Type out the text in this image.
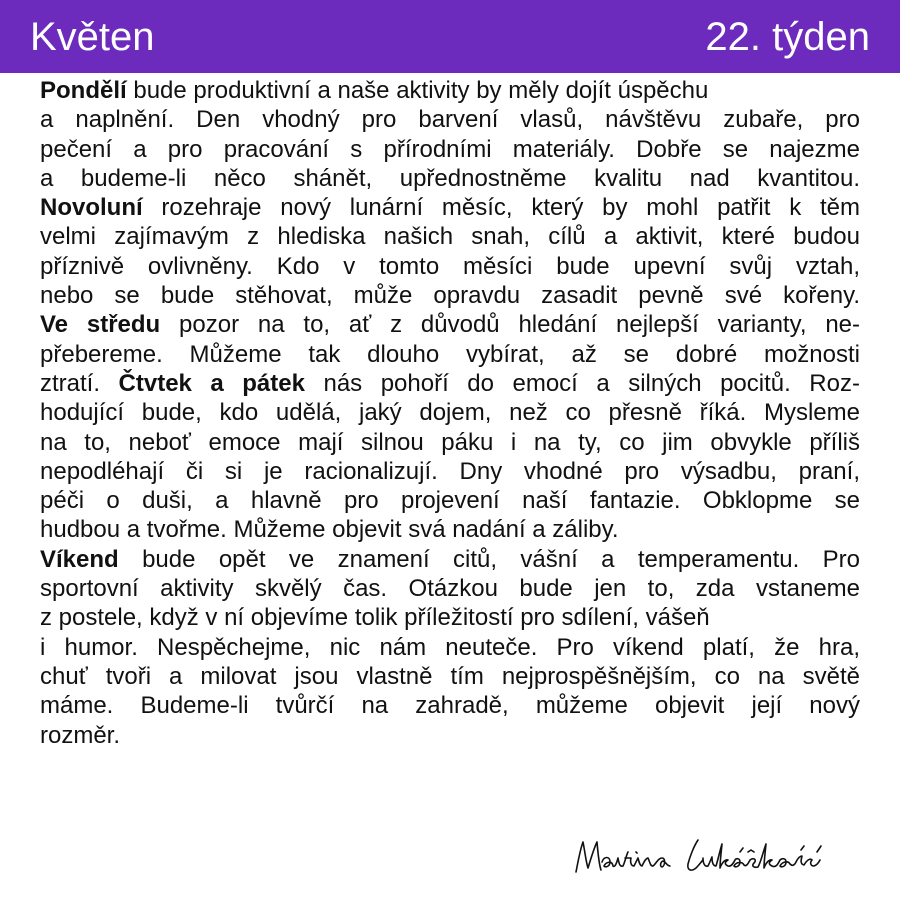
Květen	22. týden
Pondělí bude produktivní a naše aktivity by měly dojít úspěchu
a naplnění. Den vhodný pro barvení vlasů, návštěvu zubaře, pro
pečení a pro pracování s přírodními materiály. Dobře se najezme
a budeme-li něco shánět, upřednostněme kvalitu nad kvantitou.
Novoluní rozehraje nový lunární měsíc, který by mohl patřit k těm
velmi zajímavým z hlediska našich snah, cílů a aktivit, které budou
příznivě ovlivněny. Kdo v tomto měsíci bude upevní svůj vztah,
nebo se bude stěhovat, může opravdu zasadit pevně své kořeny.
Ve středu pozor na to, ať z důvodů hledání nejlepší varianty, ne-
přebereme. Můžeme tak dlouho vybírat, až se dobré možnosti
ztratí. Čtvtek a pátek nás pohoří do emocí a silných pocitů. Roz-
hodující bude, kdo udělá, jaký dojem, než co přesně říká. Mysleme
na to, neboť emoce mají silnou páku i na ty, co jim obvykle příliš
nepodléhají či si je racionalizují. Dny vhodné pro výsadbu, praní,
péči o duši, a hlavně pro projevení naší fantazie. Obklopme se
hudbou a tvořme. Můžeme objevit svá nadání a záliby.
Víkend bude opět ve znamení citů, vášní a temperamentu. Pro
sportovní aktivity skvělý čas. Otázkou bude jen to, zda vstaneme
z postele, když v ní objevíme tolik příležitostí pro sdílení, vášeň
i humor. Nespěchejme, nic nám neuteče. Pro víkend platí, že hra,
chuť tvoři a milovat jsou vlastně tím nejprospěšnějším, co na světě
máme. Budeme-li tvůrčí na zahradě, můžeme objevit její nový
rozměr.
